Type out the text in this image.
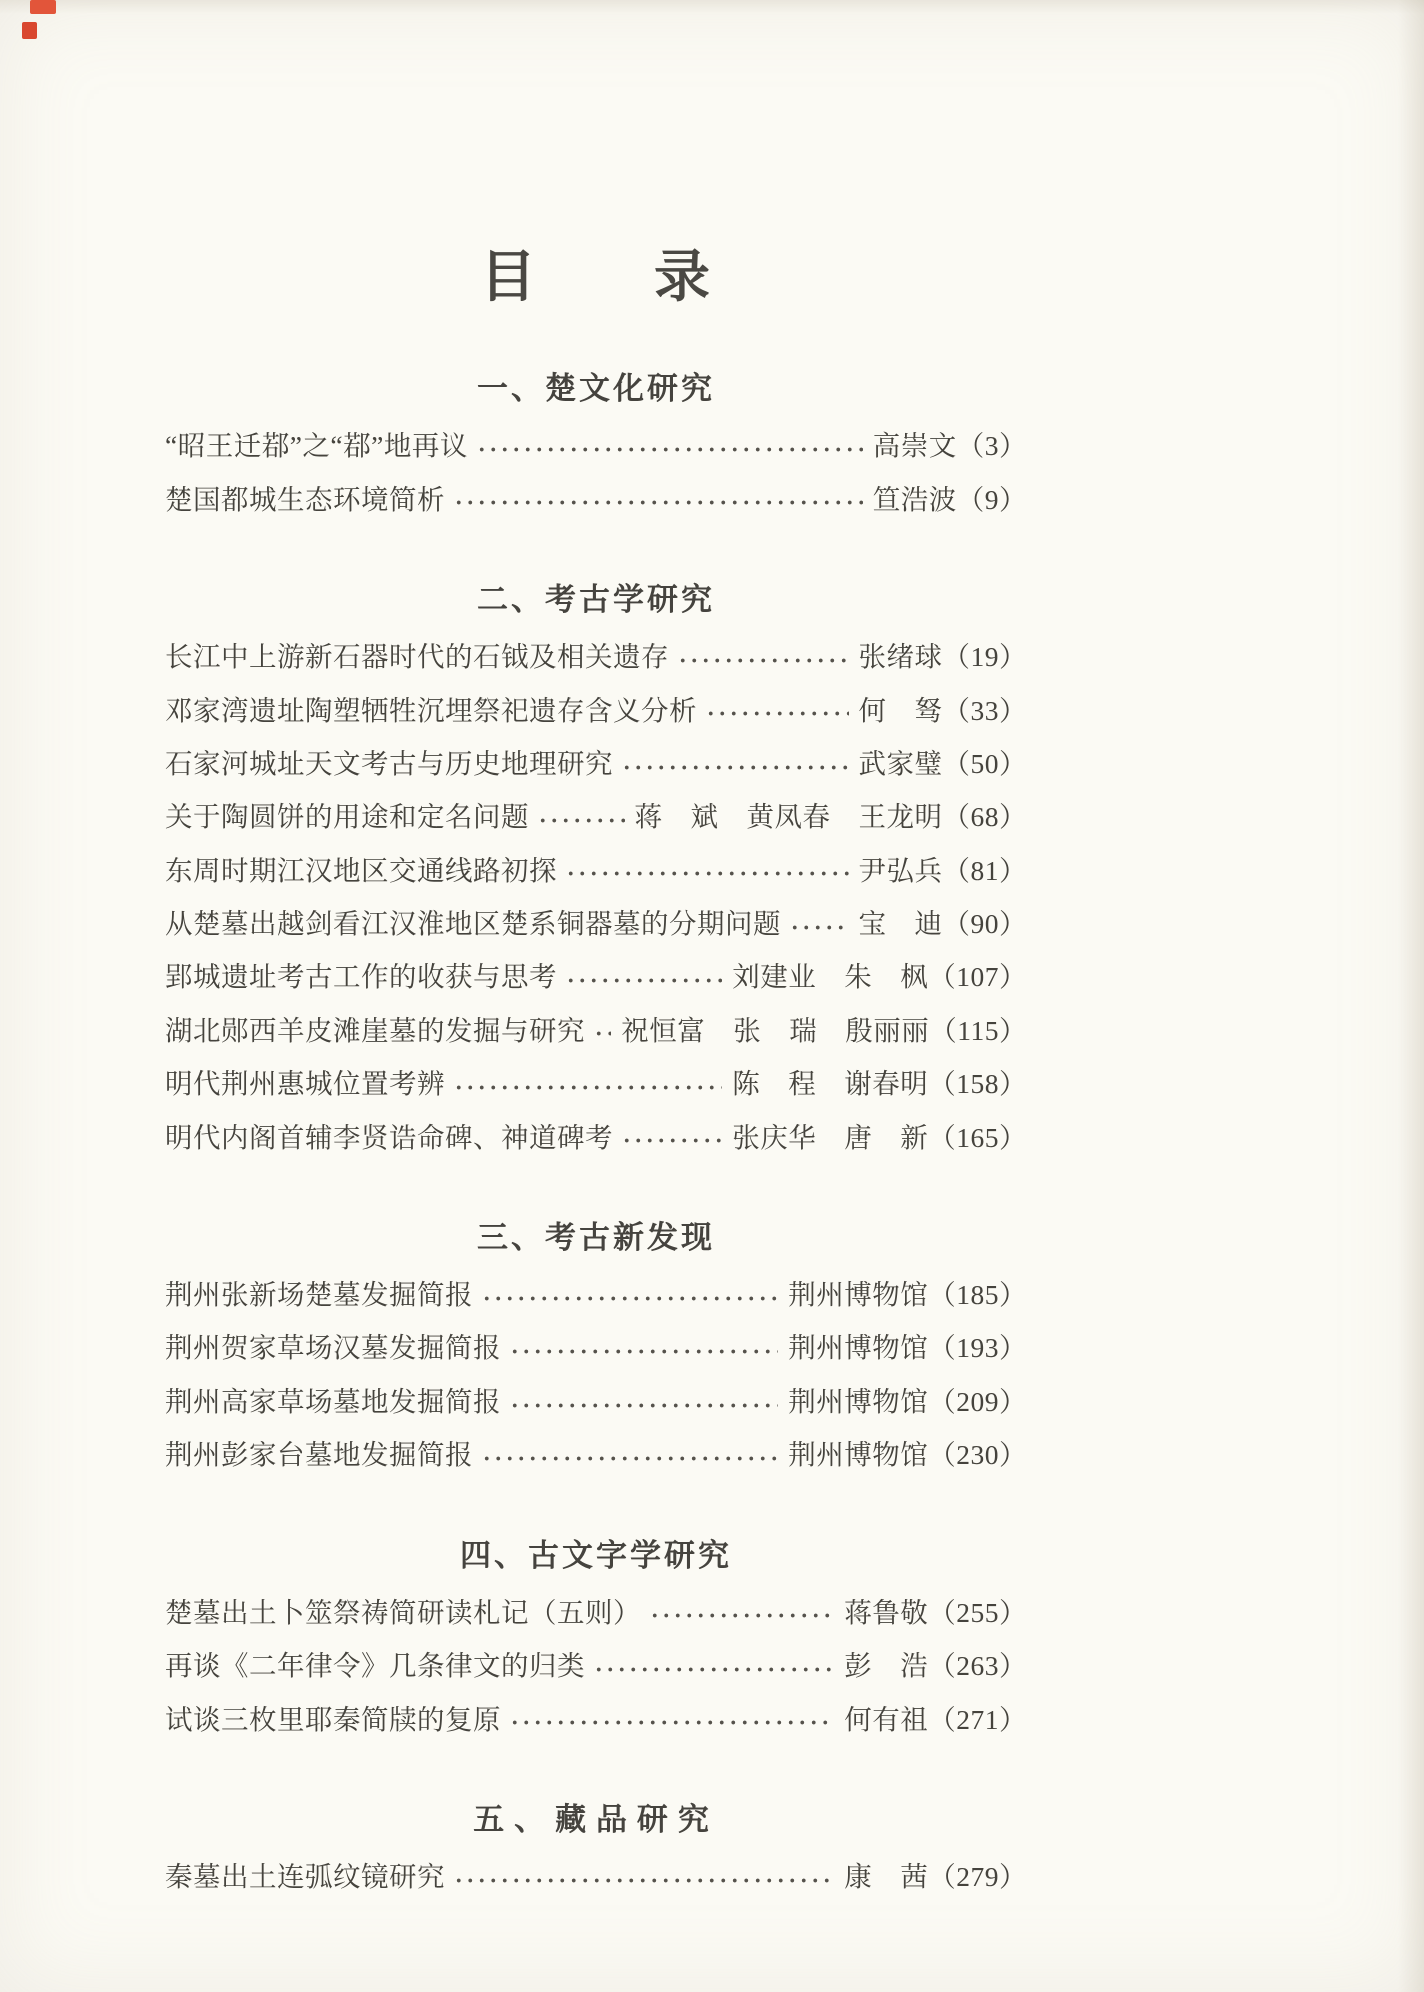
目　　录
一、楚文化研究
“昭王迁鄀”之“鄀”地再议	高崇文 （3）
楚国都城生态环境简析	笪浩波 （9）
二、考古学研究
长江中上游新石器时代的石钺及相关遗存	张绪球 （19）
邓家湾遗址陶塑牺牲沉埋祭祀遗存含义分析	何　驽 （33）
石家河城址天文考古与历史地理研究	武家璧 （50）
关于陶圆饼的用途和定名问题	蒋　斌　黄凤春　王龙明 （68）
东周时期江汉地区交通线路初探	尹弘兵 （81）
从楚墓出越剑看江汉淮地区楚系铜器墓的分期问题	宝　迪 （90）
郢城遗址考古工作的收获与思考	刘建业　朱　枫 （107）
湖北郧西羊皮滩崖墓的发掘与研究 祝恒富　张　瑞　殷丽丽 （115）
明代荆州惠城位置考辨	陈　程　谢春明 （158）
明代内阁首辅李贤诰命碑、神道碑考	张庆华　唐　新 （165）
三、考古新发现
荆州张新场楚墓发掘简报	荆州博物馆 （185）
荆州贺家草场汉墓发掘简报	荆州博物馆 （193）
荆州高家草场墓地发掘简报	荆州博物馆 （209）
荆州彭家台墓地发掘简报	荆州博物馆 （230）
四、古文字学研究
楚墓出土卜筮祭祷简研读札记（五则）	蒋鲁敬 （255）
再谈《二年律令》几条律文的归类	彭　浩 （263）
试谈三枚里耶秦简牍的复原	何有祖 （271）
五、藏品研究
秦墓出土连弧纹镜研究	康　茜 （279）
